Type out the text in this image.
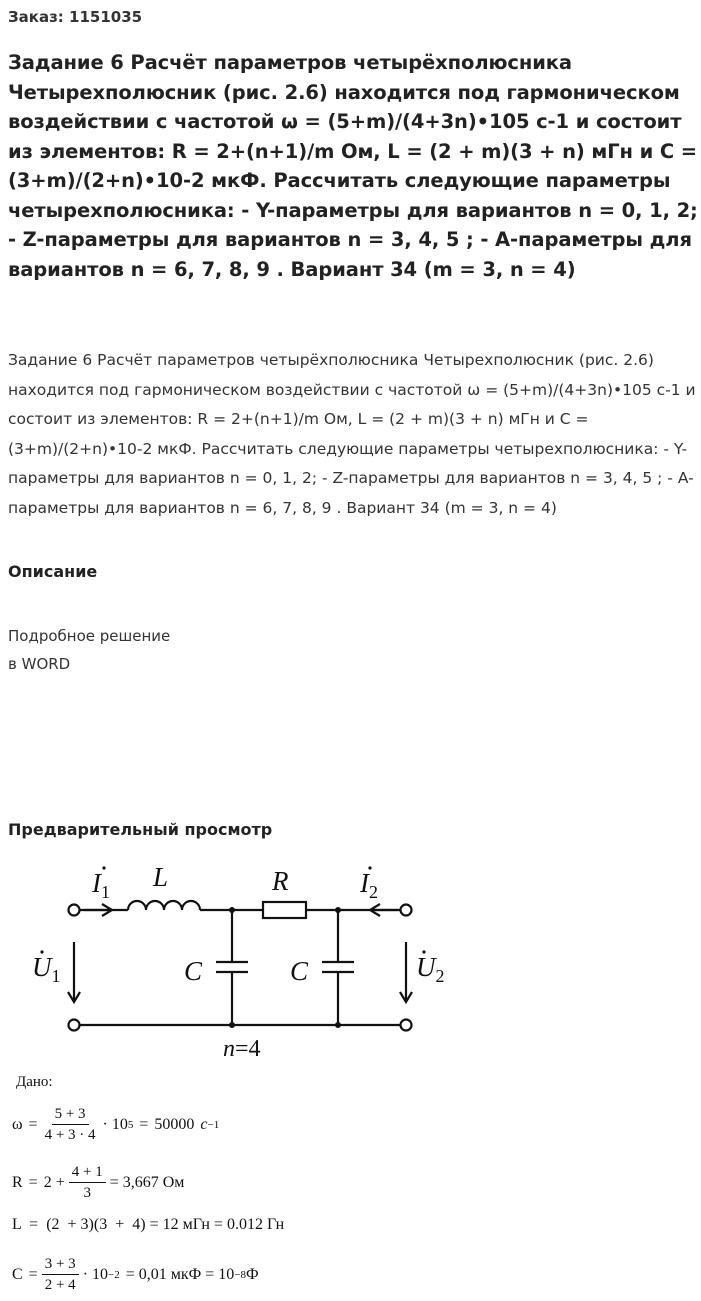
Заказ: 1151035
Задание 6 Расчёт параметров четырёхполюсника Четырехполюсник (рис. 2.6) находится под гармоническом воздействии с частотой ω = (5+m)/(4+3n)•105 с-1 и состоит из элементов: R = 2+(n+1)/m Ом, L = (2 + m)(3 + n) мГн и C = (3+m)/(2+n)•10-2 мкФ. Рассчитать следующие параметры четырехполюсника: - Y-параметры для вариантов n = 0, 1, 2; - Z-параметры для вариантов n = 3, 4, 5 ; - A-параметры для вариантов n = 6, 7, 8, 9 . Вариант 34 (m = 3, n = 4)
Задание 6 Расчёт параметров четырёхполюсника Четырехполюсник (рис. 2.6) находится под гармоническом воздействии с частотой ω = (5+m)/(4+3n)•105 с-1 и состоит из элементов: R = 2+(n+1)/m Ом, L = (2 + m)(3 + n) мГн и C = (3+m)/(2+n)•10-2 мкФ. Рассчитать следующие параметры четырехполюсника: - Y-параметры для вариантов n = 0, 1, 2; - Z-параметры для вариантов n = 3, 4, 5 ; - A-параметры для вариантов n = 6, 7, 8, 9 . Вариант 34 (m = 3, n = 4)
Описание
Подробное решение
в WORD
Предварительный просмотр
$I_1$ L	R	$I_2$
$U_1$	C	C	$U_2$
n=4
Дано:
$\omega = \frac{5 + 3}{4 + 3 \cdot 4} \cdot 10$ 5 = 50000 c −1
$R = 2 + \frac{4 + 1}{3} = 3,667$ Ом
L  =  (2  + 3)(3  +  4) = 12 мГн = 0.012 Гн
$C = \frac{3 + 3}{2 + 4} \cdot 10 -2 = 0,01$ мкФ = 10 −8 Ф
